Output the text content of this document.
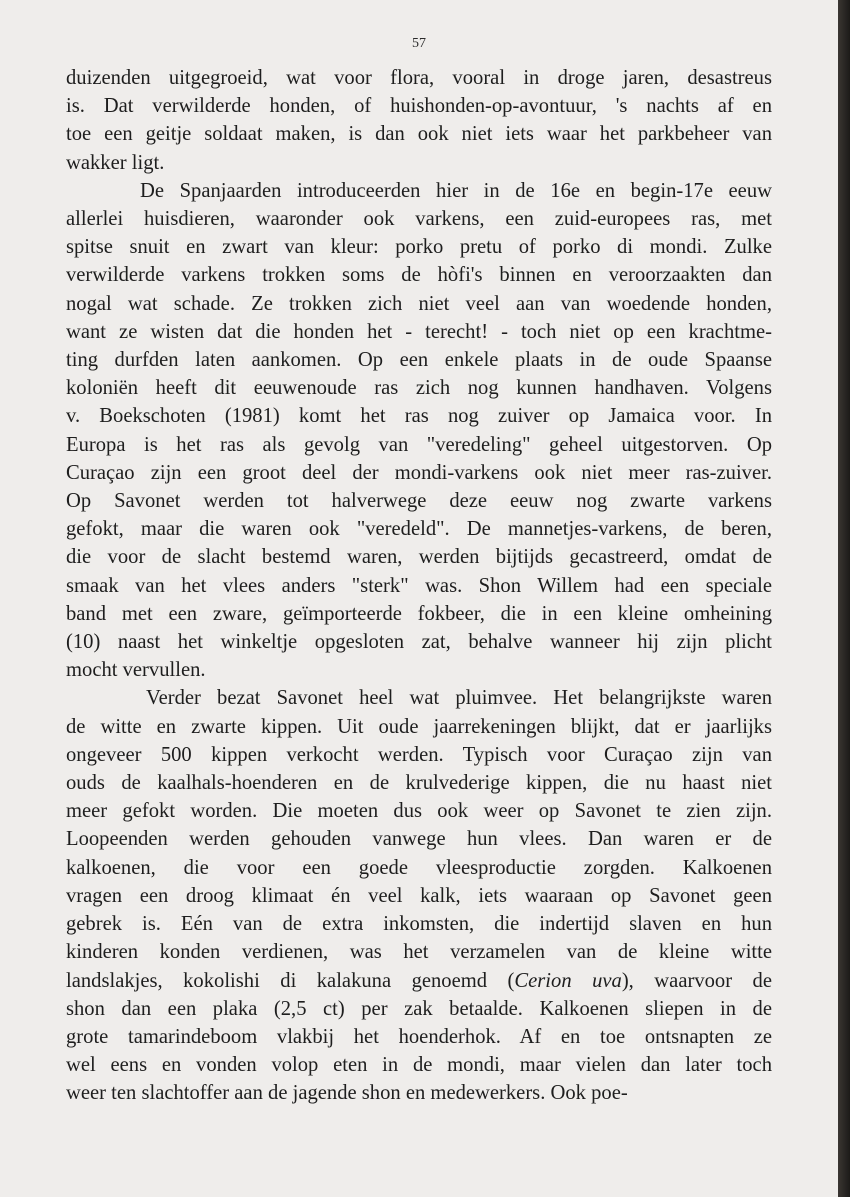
57
duizenden uitgegroeid, wat voor flora, vooral in droge jaren, desastreus
is. Dat verwilderde honden, of huishonden-op-avontuur, 's nachts af en
toe een geitje soldaat maken, is dan ook niet iets waar het parkbeheer van
wakker ligt.
De Spanjaarden introduceerden hier in de 16e en begin-17e eeuw
allerlei huisdieren, waaronder ook varkens, een zuid-europees ras, met
spitse snuit en zwart van kleur: porko pretu of porko di mondi. Zulke
verwilderde varkens trokken soms de hòfi's binnen en veroorzaakten dan
nogal wat schade. Ze trokken zich niet veel aan van woedende honden,
want ze wisten dat die honden het - terecht! - toch niet op een krachtme-
ting durfden laten aankomen. Op een enkele plaats in de oude Spaanse
koloniën heeft dit eeuwenoude ras zich nog kunnen handhaven. Volgens
v. Boekschoten (1981) komt het ras nog zuiver op Jamaica voor. In
Europa is het ras als gevolg van "veredeling" geheel uitgestorven. Op
Curaçao zijn een groot deel der mondi-varkens ook niet meer ras-zuiver.
Op Savonet werden tot halverwege deze eeuw nog zwarte varkens
gefokt, maar die waren ook "veredeld". De mannetjes-varkens, de beren,
die voor de slacht bestemd waren, werden bijtijds gecastreerd, omdat de
smaak van het vlees anders "sterk" was. Shon Willem had een speciale
band met een zware, geïmporteerde fokbeer, die in een kleine omheining
(10) naast het winkeltje opgesloten zat, behalve wanneer hij zijn plicht
mocht vervullen.
Verder bezat Savonet heel wat pluimvee. Het belangrijkste waren
de witte en zwarte kippen. Uit oude jaarrekeningen blijkt, dat er jaarlijks
ongeveer 500 kippen verkocht werden. Typisch voor Curaçao zijn van
ouds de kaalhals-hoenderen en de krulvederige kippen, die nu haast niet
meer gefokt worden. Die moeten dus ook weer op Savonet te zien zijn.
Loopeenden werden gehouden vanwege hun vlees. Dan waren er de
kalkoenen, die voor een goede vleesproductie zorgden. Kalkoenen
vragen een droog klimaat én veel kalk, iets waaraan op Savonet geen
gebrek is. Eén van de extra inkomsten, die indertijd slaven en hun
kinderen konden verdienen, was het verzamelen van de kleine witte
landslakjes, kokolishi di kalakuna genoemd (Cerion uva), waarvoor de
shon dan een plaka (2,5 ct) per zak betaalde. Kalkoenen sliepen in de
grote tamarindeboom vlakbij het hoenderhok. Af en toe ontsnapten ze
wel eens en vonden volop eten in de mondi, maar vielen dan later toch
weer ten slachtoffer aan de jagende shon en medewerkers. Ook poe-
